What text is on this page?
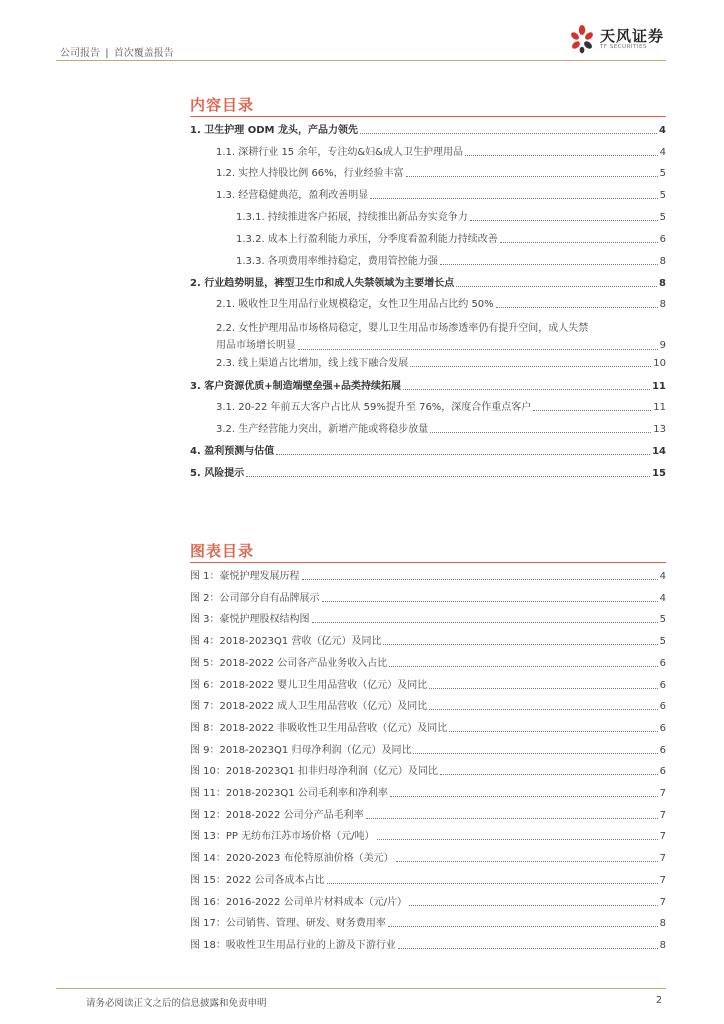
公司报告 | 首次覆盖报告
天风证券
TF SECURITIES
内容目录
1. 卫生护理 ODM 龙头，产品力领先	4
1.1. 深耕行业 15 余年，专注幼&妇&成人卫生护理用品	4
1.2. 实控人持股比例 66%，行业经验丰富	5
1.3. 经营稳健典范，盈利改善明显	5
1.3.1. 持续推进客户拓展，持续推出新品夯实竞争力	5
1.3.2. 成本上行盈利能力承压，分季度看盈利能力持续改善	6
1.3.3. 各项费用率维持稳定，费用管控能力强	8
2. 行业趋势明显，裤型卫生巾和成人失禁领域为主要增长点	8
2.1. 吸收性卫生用品行业规模稳定，女性卫生用品占比约 50%	8
2.2. 女性护理用品市场格局稳定，婴儿卫生用品市场渗透率仍有提升空间，成人失禁
用品市场增长明显	9
2.3. 线上渠道占比增加，线上线下融合发展	10
3. 客户资源优质+制造端壁垒强+品类持续拓展	11
3.1. 20-22 年前五大客户占比从 59%提升至 76%，深度合作重点客户	11
3.2. 生产经营能力突出，新增产能或将稳步放量	13
4. 盈利预测与估值	14
5. 风险提示	15
图表目录
图 1：豪悦护理发展历程	4
图 2：公司部分自有品牌展示	4
图 3：豪悦护理股权结构图	5
图 4：2018-2023Q1 营收（亿元）及同比	5
图 5：2018-2022 公司各产品业务收入占比	6
图 6：2018-2022 婴儿卫生用品营收（亿元）及同比	6
图 7：2018-2022 成人卫生用品营收（亿元）及同比	6
图 8：2018-2022 非吸收性卫生用品营收（亿元）及同比	6
图 9：2018-2023Q1 归母净利润（亿元）及同比	6
图 10：2018-2023Q1 扣非归母净利润（亿元）及同比	6
图 11：2018-2023Q1 公司毛利率和净利率	7
图 12：2018-2022 公司分产品毛利率	7
图 13：PP 无纺布江苏市场价格（元/吨）	7
图 14：2020-2023 布伦特原油价格（美元）	7
图 15：2022 公司各成本占比	7
图 16：2016-2022 公司单片材料成本（元/片）	7
图 17：公司销售、管理、研发、财务费用率	8
图 18：吸收性卫生用品行业的上游及下游行业	8
请务必阅读正文之后的信息披露和免责申明	2
